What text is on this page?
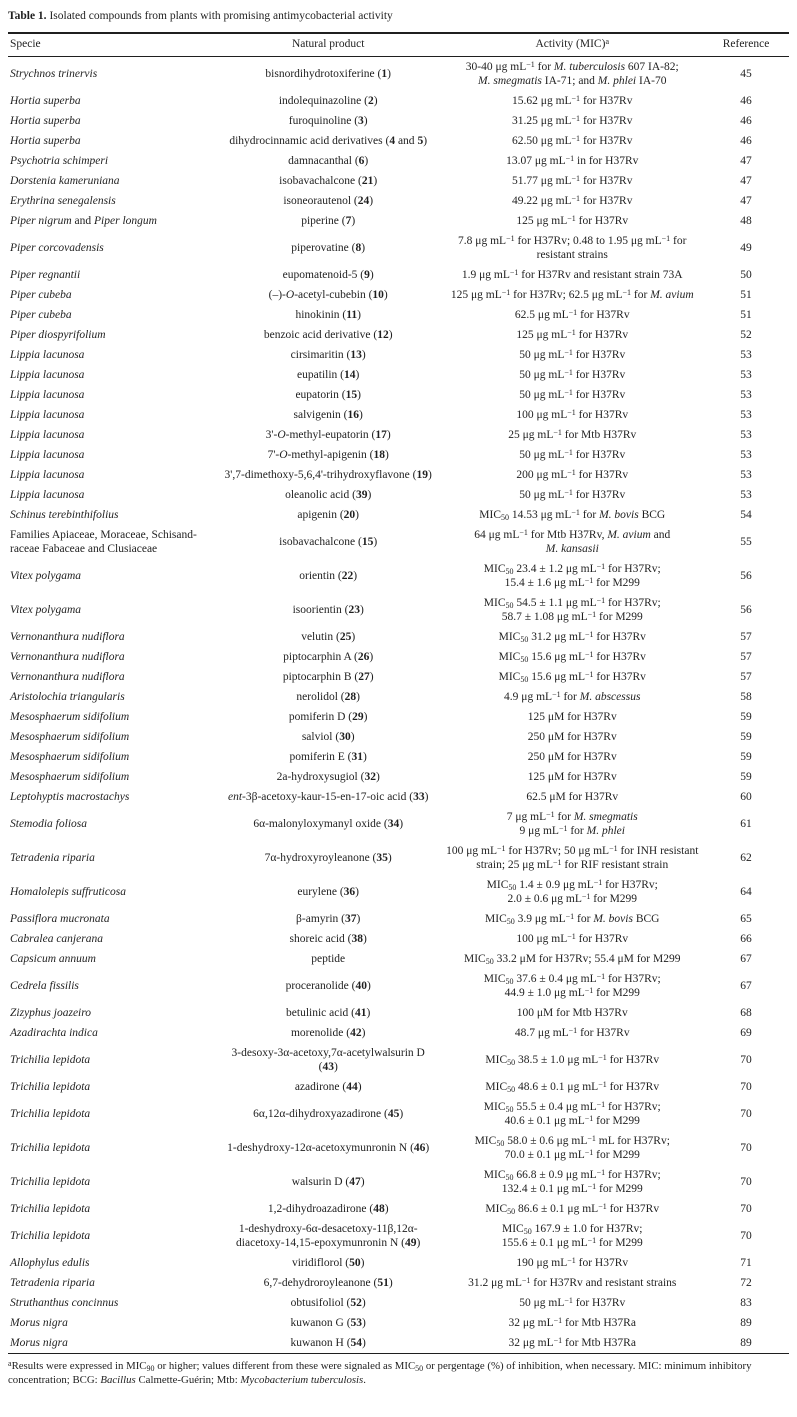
Table 1. Isolated compounds from plants with promising antimycobacterial activity
Specie	Natural product	Activity (MIC)$^a$	Reference
Strychnos trinervis	bisnordihydrotoxiferine (1)	30-40 μg $mL^{-1}$ for M. tuberculosis 607 IA-82;
M. smegmatis IA-71; and M. phlei IA-70	45
Hortia superba	indolequinazoline (2)	15.62 μg $mL^{-1}$ for H37Rv	46
Hortia superba	furoquinoline (3)	31.25 μg $mL^{-1}$ for H37Rv	46
Hortia superba	dihydrocinnamic acid derivatives (4 and 5)	62.50 μg $mL^{-1}$ for H37Rv	46
Psychotria schimperi	damnacanthal (6)	13.07 μg $mL^{-1}$ in for H37Rv	47
Dorstenia kameruniana	isobavachalcone (21)	51.77 μg $mL^{-1}$ for H37Rv	47
Erythrina senegalensis	isoneorautenol (24)	49.22 μg $mL^{-1}$ for H37Rv	47
Piper nigrum and Piper longum	piperine (7)	125 μg $mL^{-1}$ for H37Rv	48
Piper corcovadensis	piperovatine (8)	7.8 μg $mL^{-1}$ for H37Rv; 0.48 to 1.95 μg $mL^{-1}$ for
resistant strains	49
Piper regnantii	eupomatenoid-5 (9)	1.9 μg $mL^{-1}$ for H37Rv and resistant strain 73A	50
Piper cubeba	(–)-O-acetyl-cubebin (10)	125 μg $mL^{-1}$ for H37Rv; 62.5 μg $mL^{-1}$ for M. avium	51
Piper cubeba	hinokinin (11)	62.5 μg $mL^{-1}$ for H37Rv	51
Piper diospyrifolium	benzoic acid derivative (12)	125 μg $mL^{-1}$ for H37Rv	52
Lippia lacunosa	cirsimaritin (13)	50 μg $mL^{-1}$ for H37Rv	53
Lippia lacunosa	eupatilin (14)	50 μg $mL^{-1}$ for H37Rv	53
Lippia lacunosa	eupatorin (15)	50 μg $mL^{-1}$ for H37Rv	53
Lippia lacunosa	salvigenin (16)	100 μg $mL^{-1}$ for H37Rv	53
Lippia lacunosa	3'-O-methyl-eupatorin (17)	25 μg $mL^{-1}$ for Mtb H37Rv	53
Lippia lacunosa	7'-O-methyl-apigenin (18)	50 μg $mL^{-1}$ for H37Rv	53
Lippia lacunosa	3',7-dimethoxy-5,6,4'-trihydroxyflavone (19)	200 μg $mL^{-1}$ for H37Rv	53
Lippia lacunosa	oleanolic acid (39)	50 μg $mL^{-1}$ for H37Rv	53
Schinus terebinthifolius	apigenin (20)	$MIC_{50}$ 14.53 μg $mL^{-1}$ for M. bovis BCG	54
Families Apiaceae, Moraceae, Schisand-
raceae Fabaceae and Clusiaceae	isobavachalcone (15)	64 μg $mL^{-1}$ for Mtb H37Rv, M. avium and
M. kansasii	55
Vitex polygama	orientin (22)	$MIC_{50}$ 23.4 ± 1.2 μg $mL^{-1}$ for H37Rv;
15.4 ± 1.6 μg $mL^{-1}$ for M299	56
Vitex polygama	isoorientin (23)	$MIC_{50}$ 54.5 ± 1.1 μg $mL^{-1}$ for H37Rv;
58.7 ± 1.08 μg $mL^{-1}$ for M299	56
Vernonanthura nudiflora	velutin (25)	$MIC_{50}$ 31.2 μg $mL^{-1}$ for H37Rv	57
Vernonanthura nudiflora	piptocarphin A (26)	$MIC_{50}$ 15.6 μg $mL^{-1}$ for H37Rv	57
Vernonanthura nudiflora	piptocarphin B (27)	$MIC_{50}$ 15.6 μg $mL^{-1}$ for H37Rv	57
Aristolochia triangularis	nerolidol (28)	4.9 μg $mL^{-1}$ for M. abscessus	58
Mesosphaerum sidifolium	pomiferin D (29)	125 μM for H37Rv	59
Mesosphaerum sidifolium	salviol (30)	250 μM for H37Rv	59
Mesosphaerum sidifolium	pomiferin E (31)	250 μM for H37Rv	59
Mesosphaerum sidifolium	2a-hydroxysugiol (32)	125 μM for H37Rv	59
Leptohyptis macrostachys	ent-3β-acetoxy-kaur-15-en-17-oic acid (33)	62.5 μM for H37Rv	60
Stemodia foliosa	6α-malonyloxymanyl oxide (34)	7 μg $mL^{-1}$ for M. smegmatis
9 μg $mL^{-1}$ for M. phlei	61
Tetradenia riparia	7α-hydroxyroyleanone (35)	100 μg $mL^{-1}$ for H37Rv; 50 μg $mL^{-1}$ for INH resistant
strain; 25 μg $mL^{-1}$ for RIF resistant strain	62
Homalolepis suffruticosa	eurylene (36)	$MIC_{50}$ 1.4 ± 0.9 μg $mL^{-1}$ for H37Rv;
2.0 ± 0.6 μg $mL^{-1}$ for M299	64
Passiflora mucronata	β-amyrin (37)	$MIC_{50}$ 3.9 μg $mL^{-1}$ for M. bovis BCG	65
Cabralea canjerana	shoreic acid (38)	100 μg $mL^{-1}$ for H37Rv	66
Capsicum annuum	peptide	$MIC_{50}$ 33.2 μM for H37Rv; 55.4 μM for M299	67
Cedrela fissilis	proceranolide (40)	$MIC_{50}$ 37.6 ± 0.4 μg $mL^{-1}$ for H37Rv;
44.9 ± 1.0 μg $mL^{-1}$ for M299	67
Zizyphus joazeiro	betulinic acid (41)	100 μM for Mtb H37Rv	68
Azadirachta indica	morenolide (42)	48.7 μg $mL^{-1}$ for H37Rv	69
Trichilia lepidota	3-desoxy-3α-acetoxy,7α-acetylwalsurin D
(43)	$MIC_{50}$ 38.5 ± 1.0 μg $mL^{-1}$ for H37Rv	70
Trichilia lepidota	azadirone (44)	$MIC_{50}$ 48.6 ± 0.1 μg $mL^{-1}$ for H37Rv	70
Trichilia lepidota	6α,12α-dihydroxyazadirone (45)	$MIC_{50}$ 55.5 ± 0.4 μg $mL^{-1}$ for H37Rv;
40.6 ± 0.1 μg $mL^{-1}$ for M299	70
Trichilia lepidota	1-deshydroxy-12α-acetoxymunronin N (46)	$MIC_{50}$ 58.0 ± 0.6 μg $mL^{-1}$ mL for H37Rv;
70.0 ± 0.1 μg $mL^{-1}$ for M299	70
Trichilia lepidota	walsurin D (47)	$MIC_{50}$ 66.8 ± 0.9 μg $mL^{-1}$ for H37Rv;
132.4 ± 0.1 μg $mL^{-1}$ for M299	70
Trichilia lepidota	1,2-dihydroazadirone (48)	$MIC_{50}$ 86.6 ± 0.1 μg $mL^{-1}$ for H37Rv	70
Trichilia lepidota	1-deshydroxy-6α-desacetoxy-11β,12α-
diacetoxy-14,15-epoxymunronin N (49)	$MIC_{50}$ 167.9 ± 1.0 for H37Rv;
155.6 ± 0.1 μg $mL^{-1}$ for M299	70
Allophylus edulis	viridiflorol (50)	190 μg $mL^{-1}$ for H37Rv	71
Tetradenia riparia	6,7-dehydroroyleanone (51)	31.2 μg $mL^{-1}$ for H37Rv and resistant strains	72
Struthanthus concinnus	obtusifoliol (52)	50 μg $mL^{-1}$ for H37Rv	83
Morus nigra	kuwanon G (53)	32 μg $mL^{-1}$ for Mtb H37Ra	89
Morus nigra	kuwanon H (54)	32 μg $mL^{-1}$ for Mtb H37Ra	89
$^a$Results were expressed in $MIC_{90}$ or higher; values different from these were signaled as $MIC_{50}$ or pergentage (%) of inhibition, when necessary. MIC: minimum inhibitory concentration; BCG: Bacillus Calmette-Guérin; Mtb: Mycobacterium tuberculosis.
